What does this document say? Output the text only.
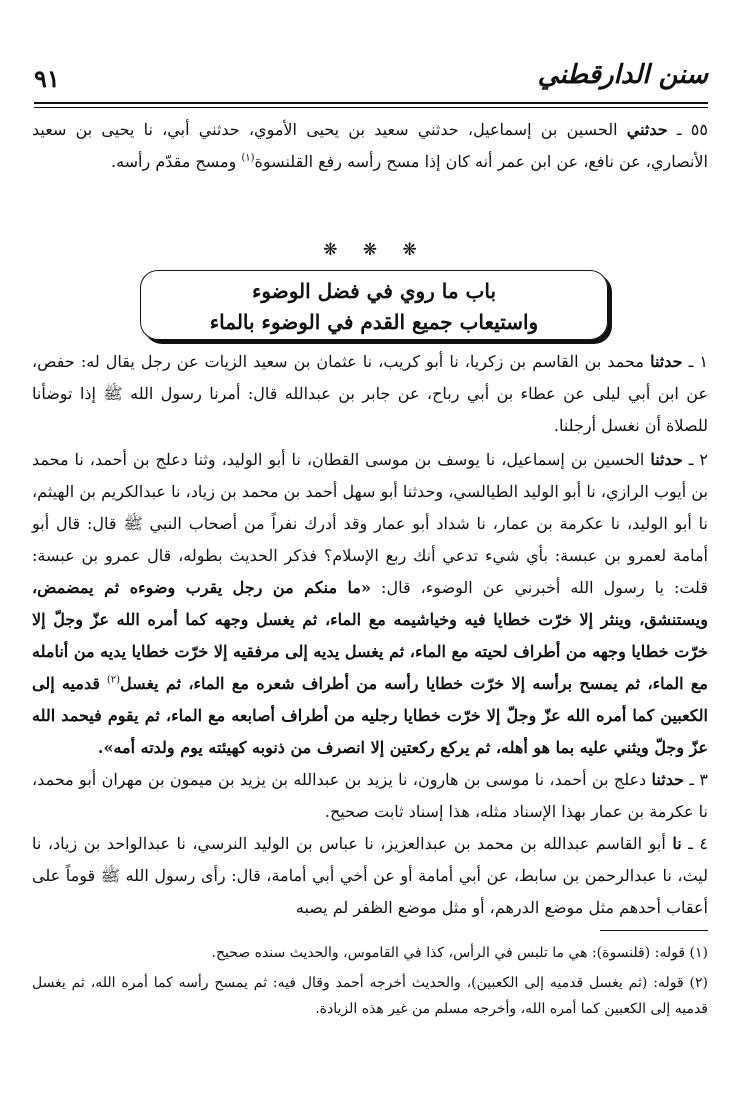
سنن الدارقطني
٩١
٥٥ ـ حدثني الحسين بن إسماعيل، حدثني سعيد بن يحيى الأموي، حدثني أبي، نا يحيى بن سعيد الأنصاري، عن نافع، عن ابن عمر أنه كان إذا مسح رأسه رفع القلنسوة$^{(١)}$ ومسح مقدّم رأسه.
❋ ❋ ❋
باب ما روي في فضل الوضوء
واستيعاب جميع القدم في الوضوء بالماء
١ ـ حدثنا محمد بن القاسم بن زكريا، نا أبو كريب، نا عثمان بن سعيد الزيات عن رجل يقال له: حفص، عن ابن أبي ليلى عن عطاء بن أبي رباح، عن جابر بن عبدالله قال: أمرنا رسول الله ﷺ إذا توضأنا للصلاة أن نغسل أرجلنا.
٢ ـ حدثنا الحسين بن إسماعيل، نا يوسف بن موسى القطان، نا أبو الوليد، وثنا دعلج بن أحمد، نا محمد بن أيوب الرازي، نا أبو الوليد الطيالسي، وحدثنا أبو سهل أحمد بن محمد بن زياد، نا عبدالكريم بن الهيثم، نا أبو الوليد، نا عكرمة بن عمار، نا شداد أبو عمار وقد أدرك نفراً من أصحاب النبي ﷺ قال: قال أبو أمامة لعمرو بن عبسة: بأي شيء تدعي أنك ربع الإسلام؟ فذكر الحديث بطوله، قال عمرو بن عبسة: قلت: يا رسول الله أخبرني عن الوضوء، قال: «ما منكم من رجل يقرب وضوءه ثم يمضمض، ويستنشق، وينثر إلا خرّت خطايا فيه وخياشيمه مع الماء، ثم يغسل وجهه كما أمره الله عزّ وجلّ إلا خرّت خطايا وجهه من أطراف لحيته مع الماء، ثم يغسل يديه إلى مرفقيه إلا خرّت خطايا يديه من أنامله مع الماء، ثم يمسح برأسه إلا خرّت خطايا رأسه من أطراف شعره مع الماء، ثم يغسل$^{(٢)}$ قدميه إلى الكعبين كما أمره الله عزّ وجلّ إلا خرّت خطايا رجليه من أطراف أصابعه مع الماء، ثم يقوم فيحمد الله عزّ وجلّ ويثني عليه بما هو أهله، ثم يركع ركعتين إلا انصرف من ذنوبه كهيئته يوم ولدته أمه».
٣ ـ حدثنا دعلج بن أحمد، نا موسى بن هارون، نا يزيد بن عبدالله بن يزيد بن ميمون بن مهران أبو محمد، نا عكرمة بن عمار بهذا الإسناد مثله، هذا إسناد ثابت صحيح.
٤ ـ نا أبو القاسم عبدالله بن محمد بن عبدالعزيز، نا عباس بن الوليد النرسي، نا عبدالواحد بن زياد، نا ليث، نا عبدالرحمن بن سابط، عن أبي أمامة أو عن أخي أبي أمامة، قال: رأى رسول الله ﷺ قوماً على أعقاب أحدهم مثل موضع الدرهم، أو مثل موضع الظفر لم يصبه
(١) قوله: (قلنسوة): هي ما تلبس في الرأس، كذا في القاموس، والحديث سنده صحيح.
(٢) قوله: (ثم يغسل قدميه إلى الكعبين)، والحديث أخرجه أحمد وقال فيه: ثم يمسح رأسه كما أمره الله، ثم يغسل قدميه إلى الكعبين كما أمره الله، وأخرجه مسلم من غير هذه الزيادة.
